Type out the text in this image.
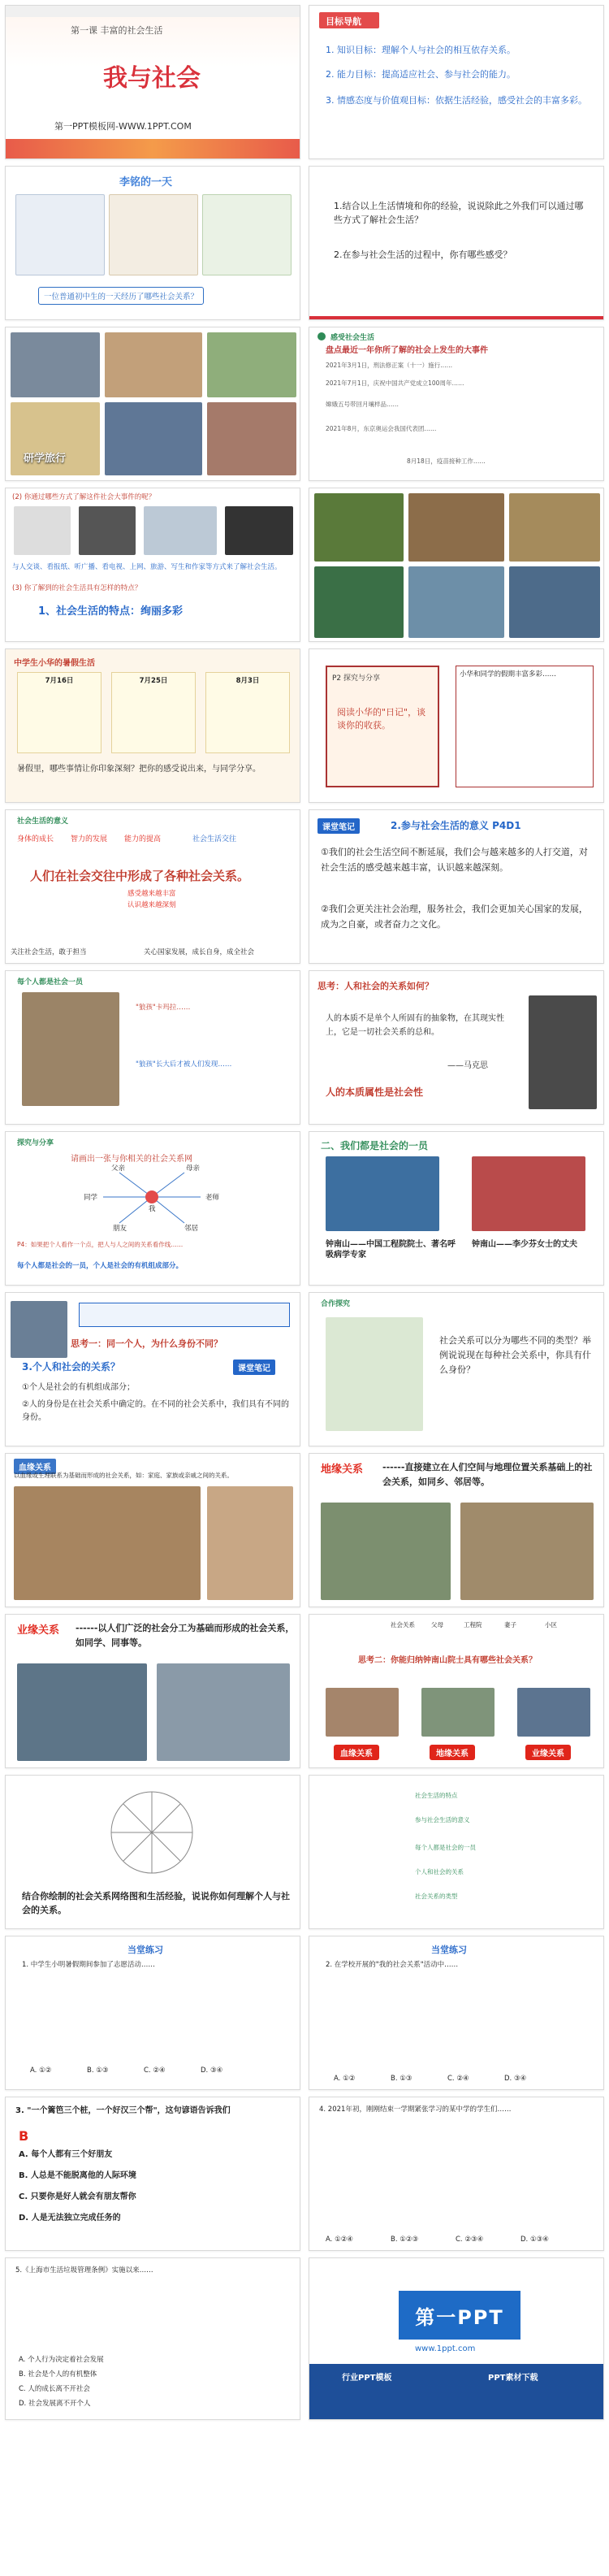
第一课 丰富的社会生活
我与社会
第一PPT模板网-WWW.1PPT.COM
目标导航
1. 知识目标：理解个人与社会的相互依存关系。
2. 能力目标：提高适应社会、参与社会的能力。
3. 情感态度与价值观目标：依据生活经验，感受社会的丰富多彩。
李铭的一天
一位普通初中生的一天经历了哪些社会关系？
1.结合以上生活情境和你的经验，说说除此之外我们可以通过哪些方式了解社会生活？
2.在参与社会生活的过程中，你有哪些感受？
研学旅行
感受社会生活
盘点最近一年你所了解的社会上发生的大事件
2021年3月1日，刑法修正案（十一）施行……
2021年7月1日，庆祝中国共产党成立100周年……
嫦娥五号带回月壤样品……
2021年8月，东京奥运会我国代表团……
8月18日，疫苗接种工作……
(2) 你通过哪些方式了解这件社会大事件的呢？
与人交谈、看报纸、听广播、看电视、上网、旅游、写生和作家等方式来了解社会生活。
(3) 你了解到的社会生活具有怎样的特点？
1、社会生活的特点：绚丽多彩
中学生小华的暑假生活
7月16日	7月25日	8月3日
暑假里，哪些事情让你印象深刻？把你的感受说出来，与同学分享。
P2 探究与分享
阅读小华的"日记"，谈谈你的收获。
小华和同学的假期丰富多彩……
社会生活的意义
身体的成长 智力的发展 能力的提高	社会生活交往
人们在社会交往中形成了各种社会关系。
感受越来越丰富
认识越来越深刻
关注社会生活，敢于担当	关心国家发展，成长自身，成全社会
课堂笔记	2.参与社会生活的意义 P4D1
①我们的社会生活空间不断延展，我们会与越来越多的人打交道，对社会生活的感受越来越丰富，认识越来越深刻。
②我们会更关注社会治理，服务社会，我们会更加关心国家的发展，成为之自豪，或者奋力之文化。
每个人都是社会一员
"狼孩"卡玛拉……
"狼孩"长大后才被人们发现……
思考：人和社会的关系如何？
人的本质不是单个人所固有的抽象物，在其现实性上，它是一切社会关系的总和。
——马克思
人的本质属性是社会性
探究与分享
请画出一张与你相关的社会关系网
我
父亲	母亲
同学	老师
朋友	邻居
P4：如果把个人看作一个点，把人与人之间的关系看作线……
每个人都是社会的一员，个人是社会的有机组成部分。
二、我们都是社会的一员
钟南山——中国工程院院士、著名呼吸病学专家
钟南山——李少芬女士的丈夫
思考一：同一个人，为什么身份不同？
3.个人和社会的关系？	课堂笔记
①个人是社会的有机组成部分；
②人的身份是在社会关系中确定的。在不同的社会关系中，我们具有不同的身份。
合作探究
社会关系可以分为哪些不同的类型？举例说说现在每种社会关系中，你具有什么身份？
血缘关系
以血缘或生理联系为基础而形成的社会关系，如：家庭、家族或亲戚之间的关系。	地缘关系 ------直接建立在人们空间与地理位置关系基础上的社会关系，如同乡、邻居等。
业缘关系 ------以人们广泛的社会分工为基础而形成的社会关系，如同学、同事等。
社会关系	父母	工程院	妻子	小区
思考二：你能归纳钟南山院士具有哪些社会关系？
血缘关系	地缘关系	业缘关系
结合你绘制的社会关系网络图和生活经验，说说你如何理解个人与社会的关系。
社会生活的特点
参与社会生活的意义
每个人都是社会的一员
个人和社会的关系
社会关系的类型
当堂练习
1. 中学生小明暑假期间参加了志愿活动……
A. ①②	B. ①③	C. ②④	D. ③④
当堂练习
2. 在学校开展的"我的社会关系"活动中……
A. ①②	B. ①③	C. ②④	D. ③④
3. "一个篱笆三个桩，一个好汉三个帮"，这句谚语告诉我们
B
A. 每个人都有三个好朋友
B. 人总是不能脱离他的人际环境
C. 只要你是好人就会有朋友帮你
D. 人是无法独立完成任务的
4. 2021年初，刚刚结束一学期紧张学习的某中学的学生们……
A. ①②④	B. ①②③	C. ②③④	D. ①③④
5.《上海市生活垃圾管理条例》实施以来……
A. 个人行为决定着社会发展
B. 社会是个人的有机整体
C. 人的成长离不开社会
D. 社会发展离不开个人
第一PPT
www.1ppt.com
行业PPT模板	PPT素材下载
